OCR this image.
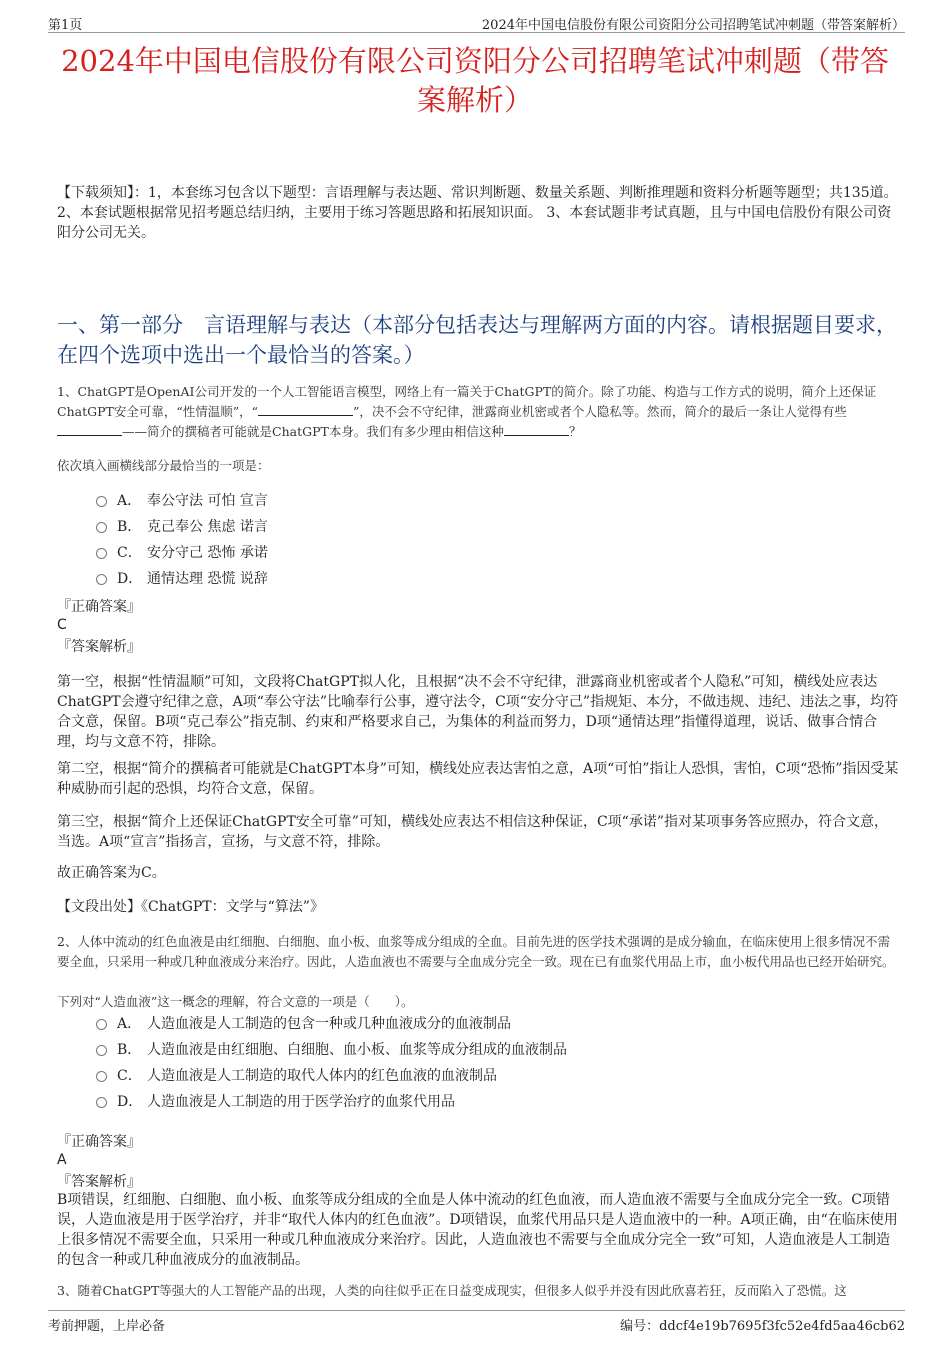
第1页	2024年中国电信股份有限公司资阳分公司招聘笔试冲刺题（带答案解析）
2024年中国电信股份有限公司资阳分公司招聘笔试冲刺题（带答案解析）
【下载须知】：1，本套练习包含以下题型：言语理解与表达题、常识判断题、数量关系题、判断推理题和资料分析题等题型；共135道。 2、本套试题根据常见招考题总结归纳，主要用于练习答题思路和拓展知识面。 3、本套试题非考试真题，且与中国电信股份有限公司资阳分公司无关。
一、第一部分　言语理解与表达（本部分包括表达与理解两方面的内容。请根据题目要求，在四个选项中选出一个最恰当的答案。）
1、ChatGPT是OpenAI公司开发的一个人工智能语言模型，网络上有一篇关于ChatGPT的简介。除了功能、构造与工作方式的说明，简介上还保证ChatGPT安全可靠，“性情温顺”，“	”，决不会不守纪律，泄露商业机密或者个人隐私等。然而，简介的最后一条让人觉得有些——简介的撰稿者可能就是ChatGPT本身。我们有多少理由相信这种	？
依次填入画横线部分最恰当的一项是：
A． 奉公守法 可怕 宣言
B． 克己奉公 焦虑 诺言
C． 安分守己 恐怖 承诺
D． 通情达理 恐慌 说辞
『正确答案』
C
『答案解析』
第一空，根据“性情温顺”可知，文段将ChatGPT拟人化，且根据“决不会不守纪律，泄露商业机密或者个人隐私”可知，横线处应表达ChatGPT会遵守纪律之意，A项“奉公守法”比喻奉行公事，遵守法令，C项“安分守己”指规矩、本分，不做违规、违纪、违法之事，均符合文意，保留。B项“克己奉公”指克制、约束和严格要求自己，为集体的利益而努力，D项“通情达理”指懂得道理，说话、做事合情合理，均与文意不符，排除。
第二空，根据“简介的撰稿者可能就是ChatGPT本身”可知，横线处应表达害怕之意，A项“可怕”指让人恐惧，害怕，C项“恐怖”指因受某种威胁而引起的恐惧，均符合文意，保留。
第三空，根据“简介上还保证ChatGPT安全可靠”可知，横线处应表达不相信这种保证，C项“承诺”指对某项事务答应照办，符合文意，当选。A项“宣言”指扬言，宣扬，与文意不符，排除。
故正确答案为C。
【文段出处】《ChatGPT：文学与“算法”》
2、人体中流动的红色血液是由红细胞、白细胞、血小板、血浆等成分组成的全血。目前先进的医学技术强调的是成分输血，在临床使用上很多情况不需要全血，只采用一种或几种血液成分来治疗。因此，人造血液也不需要与全血成分完全一致。现在已有血浆代用品上市，血小板代用品也已经开始研究。
下列对“人造血液”这一概念的理解，符合文意的一项是（　　）。
A． 人造血液是人工制造的包含一种或几种血液成分的血液制品
B． 人造血液是由红细胞、白细胞、血小板、血浆等成分组成的血液制品
C． 人造血液是人工制造的取代人体内的红色血液的血液制品
D． 人造血液是人工制造的用于医学治疗的血浆代用品
『正确答案』
A
『答案解析』
B项错误，红细胞、白细胞、血小板、血浆等成分组成的全血是人体中流动的红色血液，而人造血液不需要与全血成分完全一致。C项错误，人造血液是用于医学治疗，并非“取代人体内的红色血液”。D项错误，血浆代用品只是人造血液中的一种。A项正确，由“在临床使用上很多情况不需要全血，只采用一种或几种血液成分来治疗。因此，人造血液也不需要与全血成分完全一致”可知，人造血液是人工制造的包含一种或几种血液成分的血液制品。
3、随着ChatGPT等强大的人工智能产品的出现，人类的向往似乎正在日益变成现实，但很多人似乎并没有因此欣喜若狂，反而陷入了恐慌。这
考前押题，上岸必备	编号：ddcf4e19b7695f3fc52e4fd5aa46cb62
